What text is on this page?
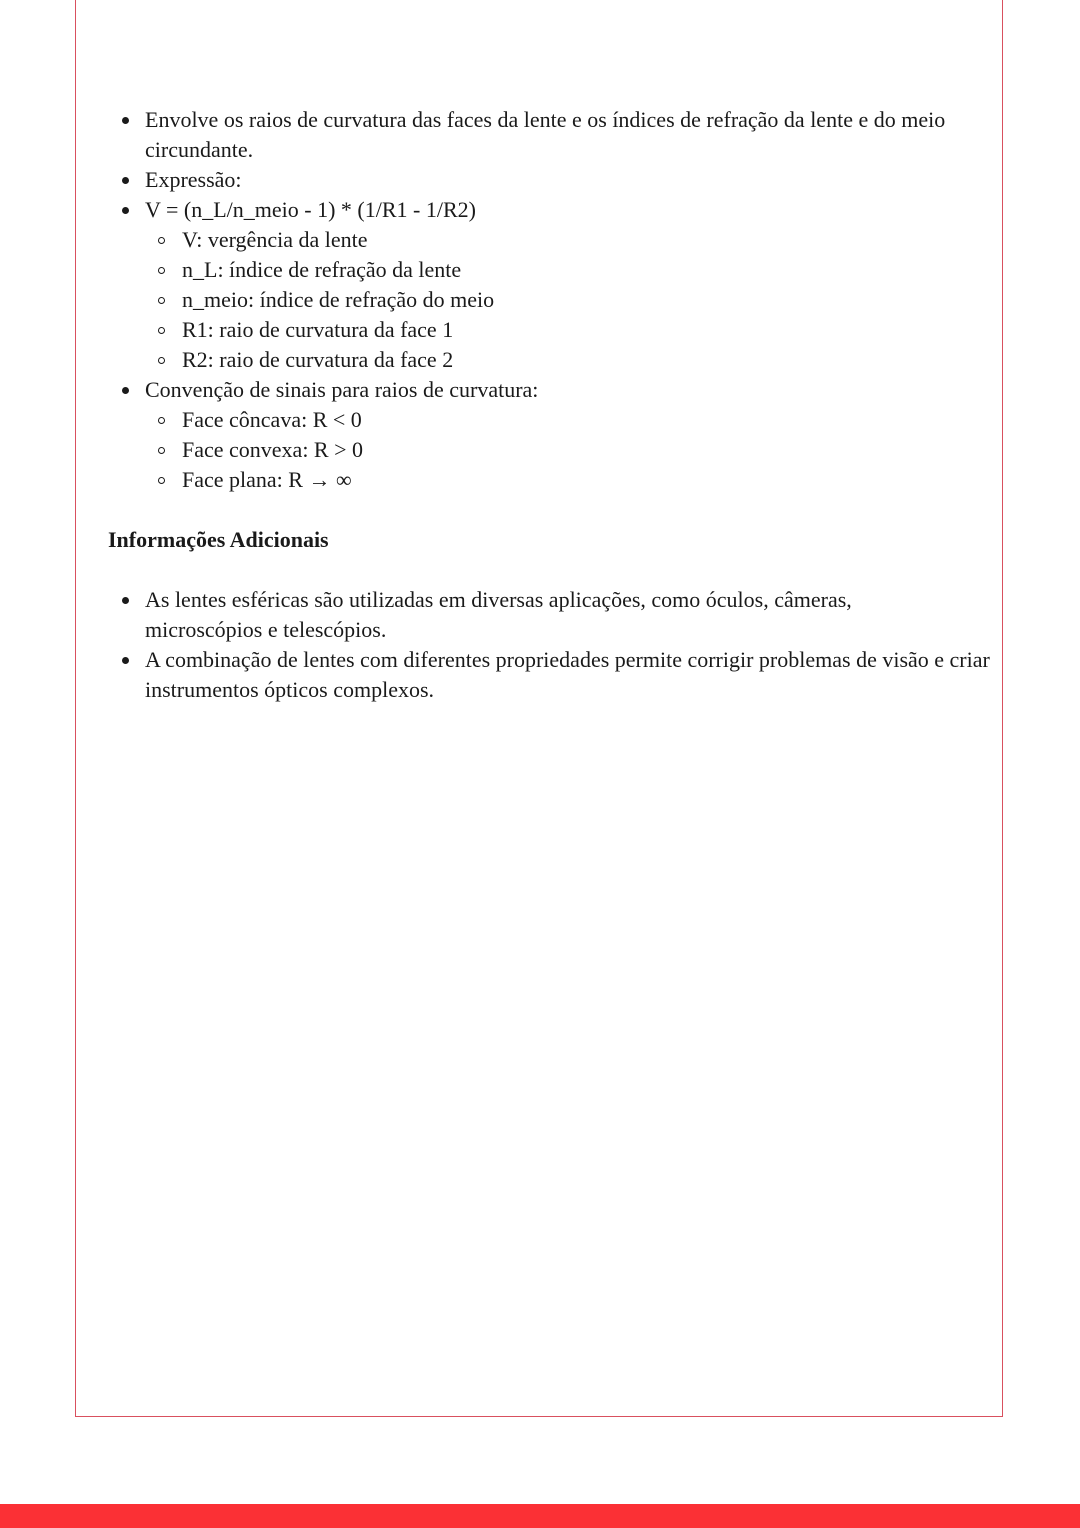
Envolve os raios de curvatura das faces da lente e os índices de refração da lente e do meio circundante.
Expressão:
V = (n_L/n_meio - 1) * (1/R1 - 1/R2)
V: vergência da lente
n_L: índice de refração da lente
n_meio: índice de refração do meio
R1: raio de curvatura da face 1
R2: raio de curvatura da face 2
Convenção de sinais para raios de curvatura:
Face côncava: R < 0
Face convexa: R > 0
Face plana: R → ∞
Informações Adicionais
As lentes esféricas são utilizadas em diversas aplicações, como óculos, câmeras, microscópios e telescópios.
A combinação de lentes com diferentes propriedades permite corrigir problemas de visão e criar instrumentos ópticos complexos.
